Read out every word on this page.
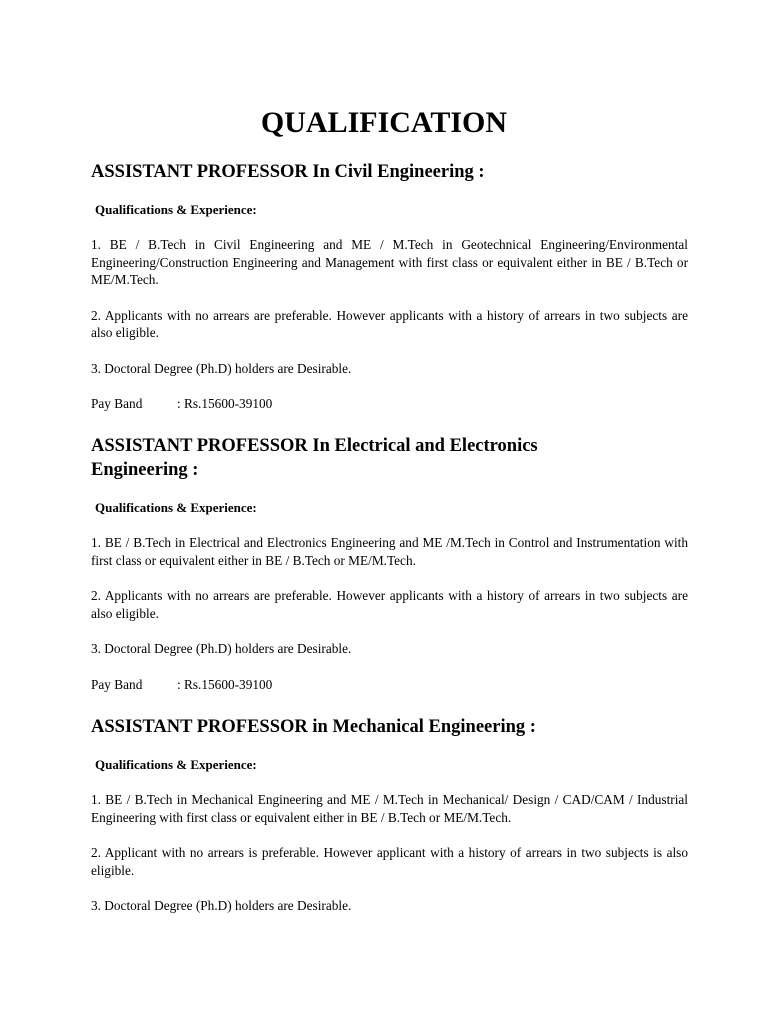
QUALIFICATION

ASSISTANT PROFESSOR In Civil Engineering :

Qualifications & Experience:

1. BE / B.Tech in Civil Engineering and ME / M.Tech in Geotechnical Engineering/Environmental Engineering/Construction Engineering and Management with first class or equivalent either in BE / B.Tech or ME/M.Tech.

2. Applicants with no arrears are preferable. However applicants with a history of arrears in two subjects are also eligible.

3. Doctoral Degree (Ph.D) holders are Desirable.

Pay Band	: Rs.15600-39100

ASSISTANT PROFESSOR In Electrical and Electronics Engineering :

Qualifications & Experience:

1. BE / B.Tech in Electrical and Electronics Engineering and ME /M.Tech in Control and Instrumentation with first class or equivalent either in BE / B.Tech or ME/M.Tech.

2. Applicants with no arrears are preferable. However applicants with a history of arrears in two subjects are also eligible.

3. Doctoral Degree (Ph.D) holders are Desirable.

Pay Band	: Rs.15600-39100

ASSISTANT PROFESSOR in Mechanical Engineering :

Qualifications & Experience:

1. BE / B.Tech in Mechanical Engineering and ME / M.Tech in Mechanical/ Design / CAD/CAM / Industrial Engineering with first class or equivalent either in BE / B.Tech or ME/M.Tech.

2. Applicant with no arrears is preferable. However applicant with a history of arrears in two subjects is also eligible.

3. Doctoral Degree (Ph.D) holders are Desirable.
